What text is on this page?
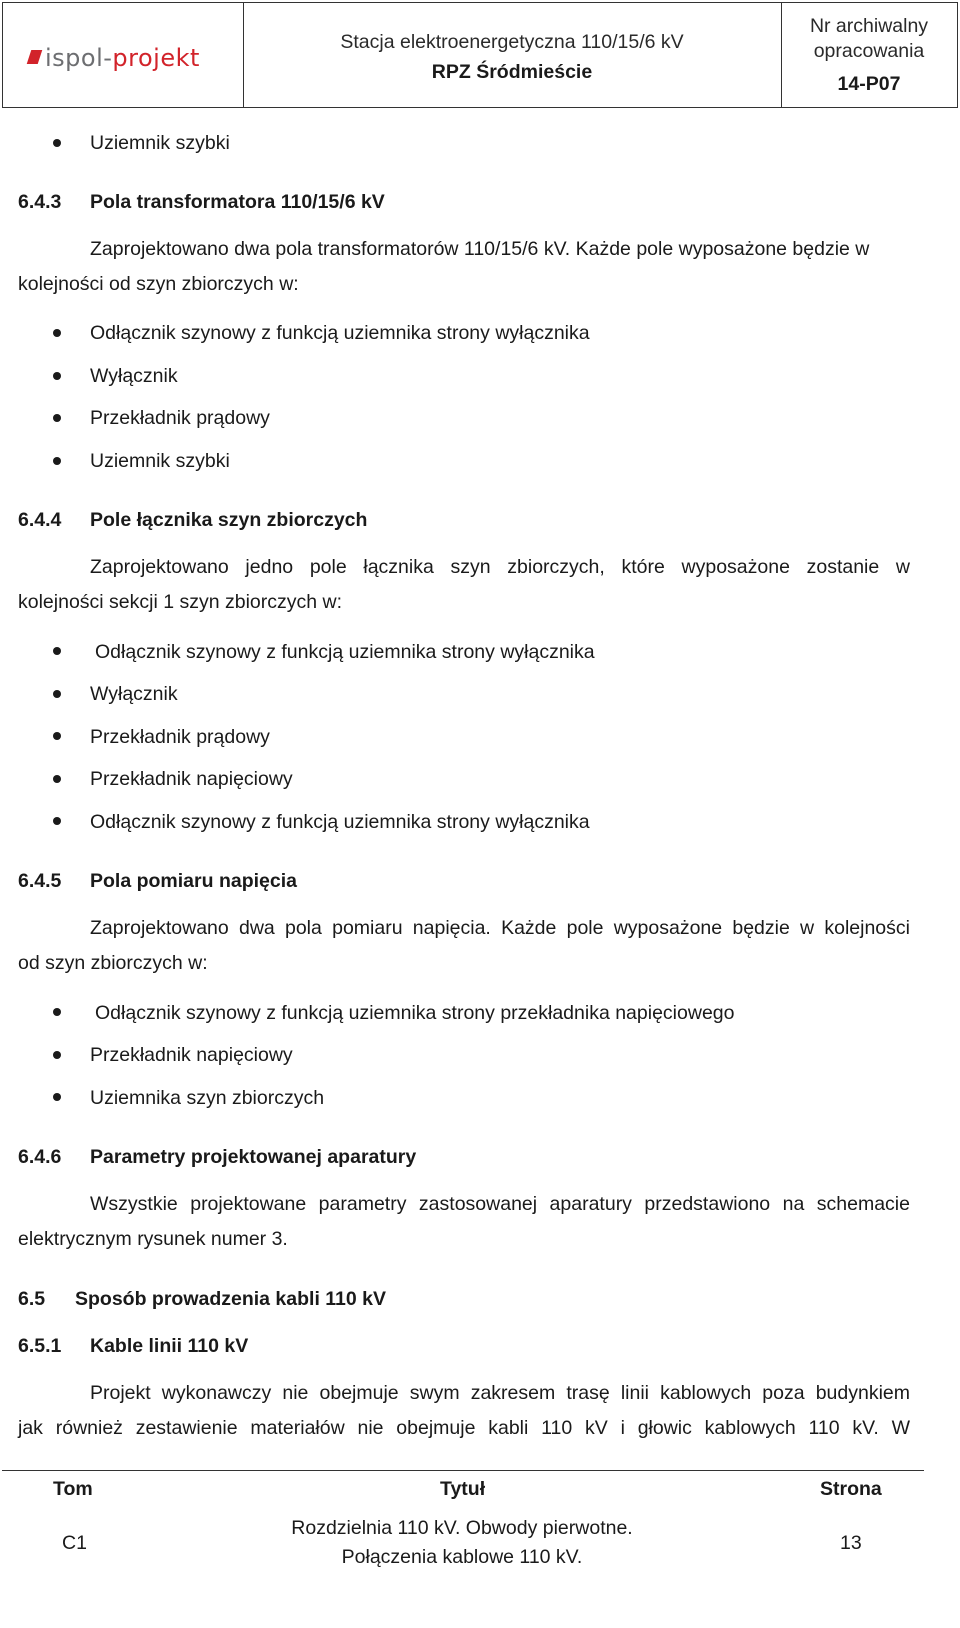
ispol-projekt
Stacja elektroenergetyczna 110/15/6 kV
RPZ Śródmieście
Nr archiwalny
opracowania
14-P07
Uziemnik szybki
6.4.3 Pola transformatora 110/15/6 kV
Zaprojektowano dwa pola transformatorów 110/15/6 kV. Każde pole wyposażone będzie w
kolejności od szyn zbiorczych w:
Odłącznik szynowy z funkcją uziemnika strony wyłącznika
Wyłącznik
Przekładnik prądowy
Uziemnik szybki
6.4.4 Pole łącznika szyn zbiorczych
Zaprojektowano jedno pole łącznika szyn zbiorczych, które wyposażone zostanie w
kolejności sekcji 1 szyn zbiorczych w:
Odłącznik szynowy z funkcją uziemnika strony wyłącznika
Wyłącznik
Przekładnik prądowy
Przekładnik napięciowy
Odłącznik szynowy z funkcją uziemnika strony wyłącznika
6.4.5 Pola pomiaru napięcia
Zaprojektowano dwa pola pomiaru napięcia. Każde pole wyposażone będzie w kolejności
od szyn zbiorczych w:
Odłącznik szynowy z funkcją uziemnika strony przekładnika napięciowego
Przekładnik napięciowy
Uziemnika szyn zbiorczych
6.4.6 Parametry projektowanej aparatury
Wszystkie projektowane parametry zastosowanej aparatury przedstawiono na schemacie
elektrycznym rysunek numer 3.
6.5 Sposób prowadzenia kabli 110 kV
6.5.1 Kable linii 110 kV
Projekt wykonawczy nie obejmuje swym zakresem trasę linii kablowych poza budynkiem
jak również zestawienie materiałów nie obejmuje kabli 110 kV i głowic kablowych 110 kV. W
Tom	Tytuł	Strona
C1
Rozdzielnia 110 kV. Obwody pierwotne.
Połączenia kablowe 110 kV.
13
